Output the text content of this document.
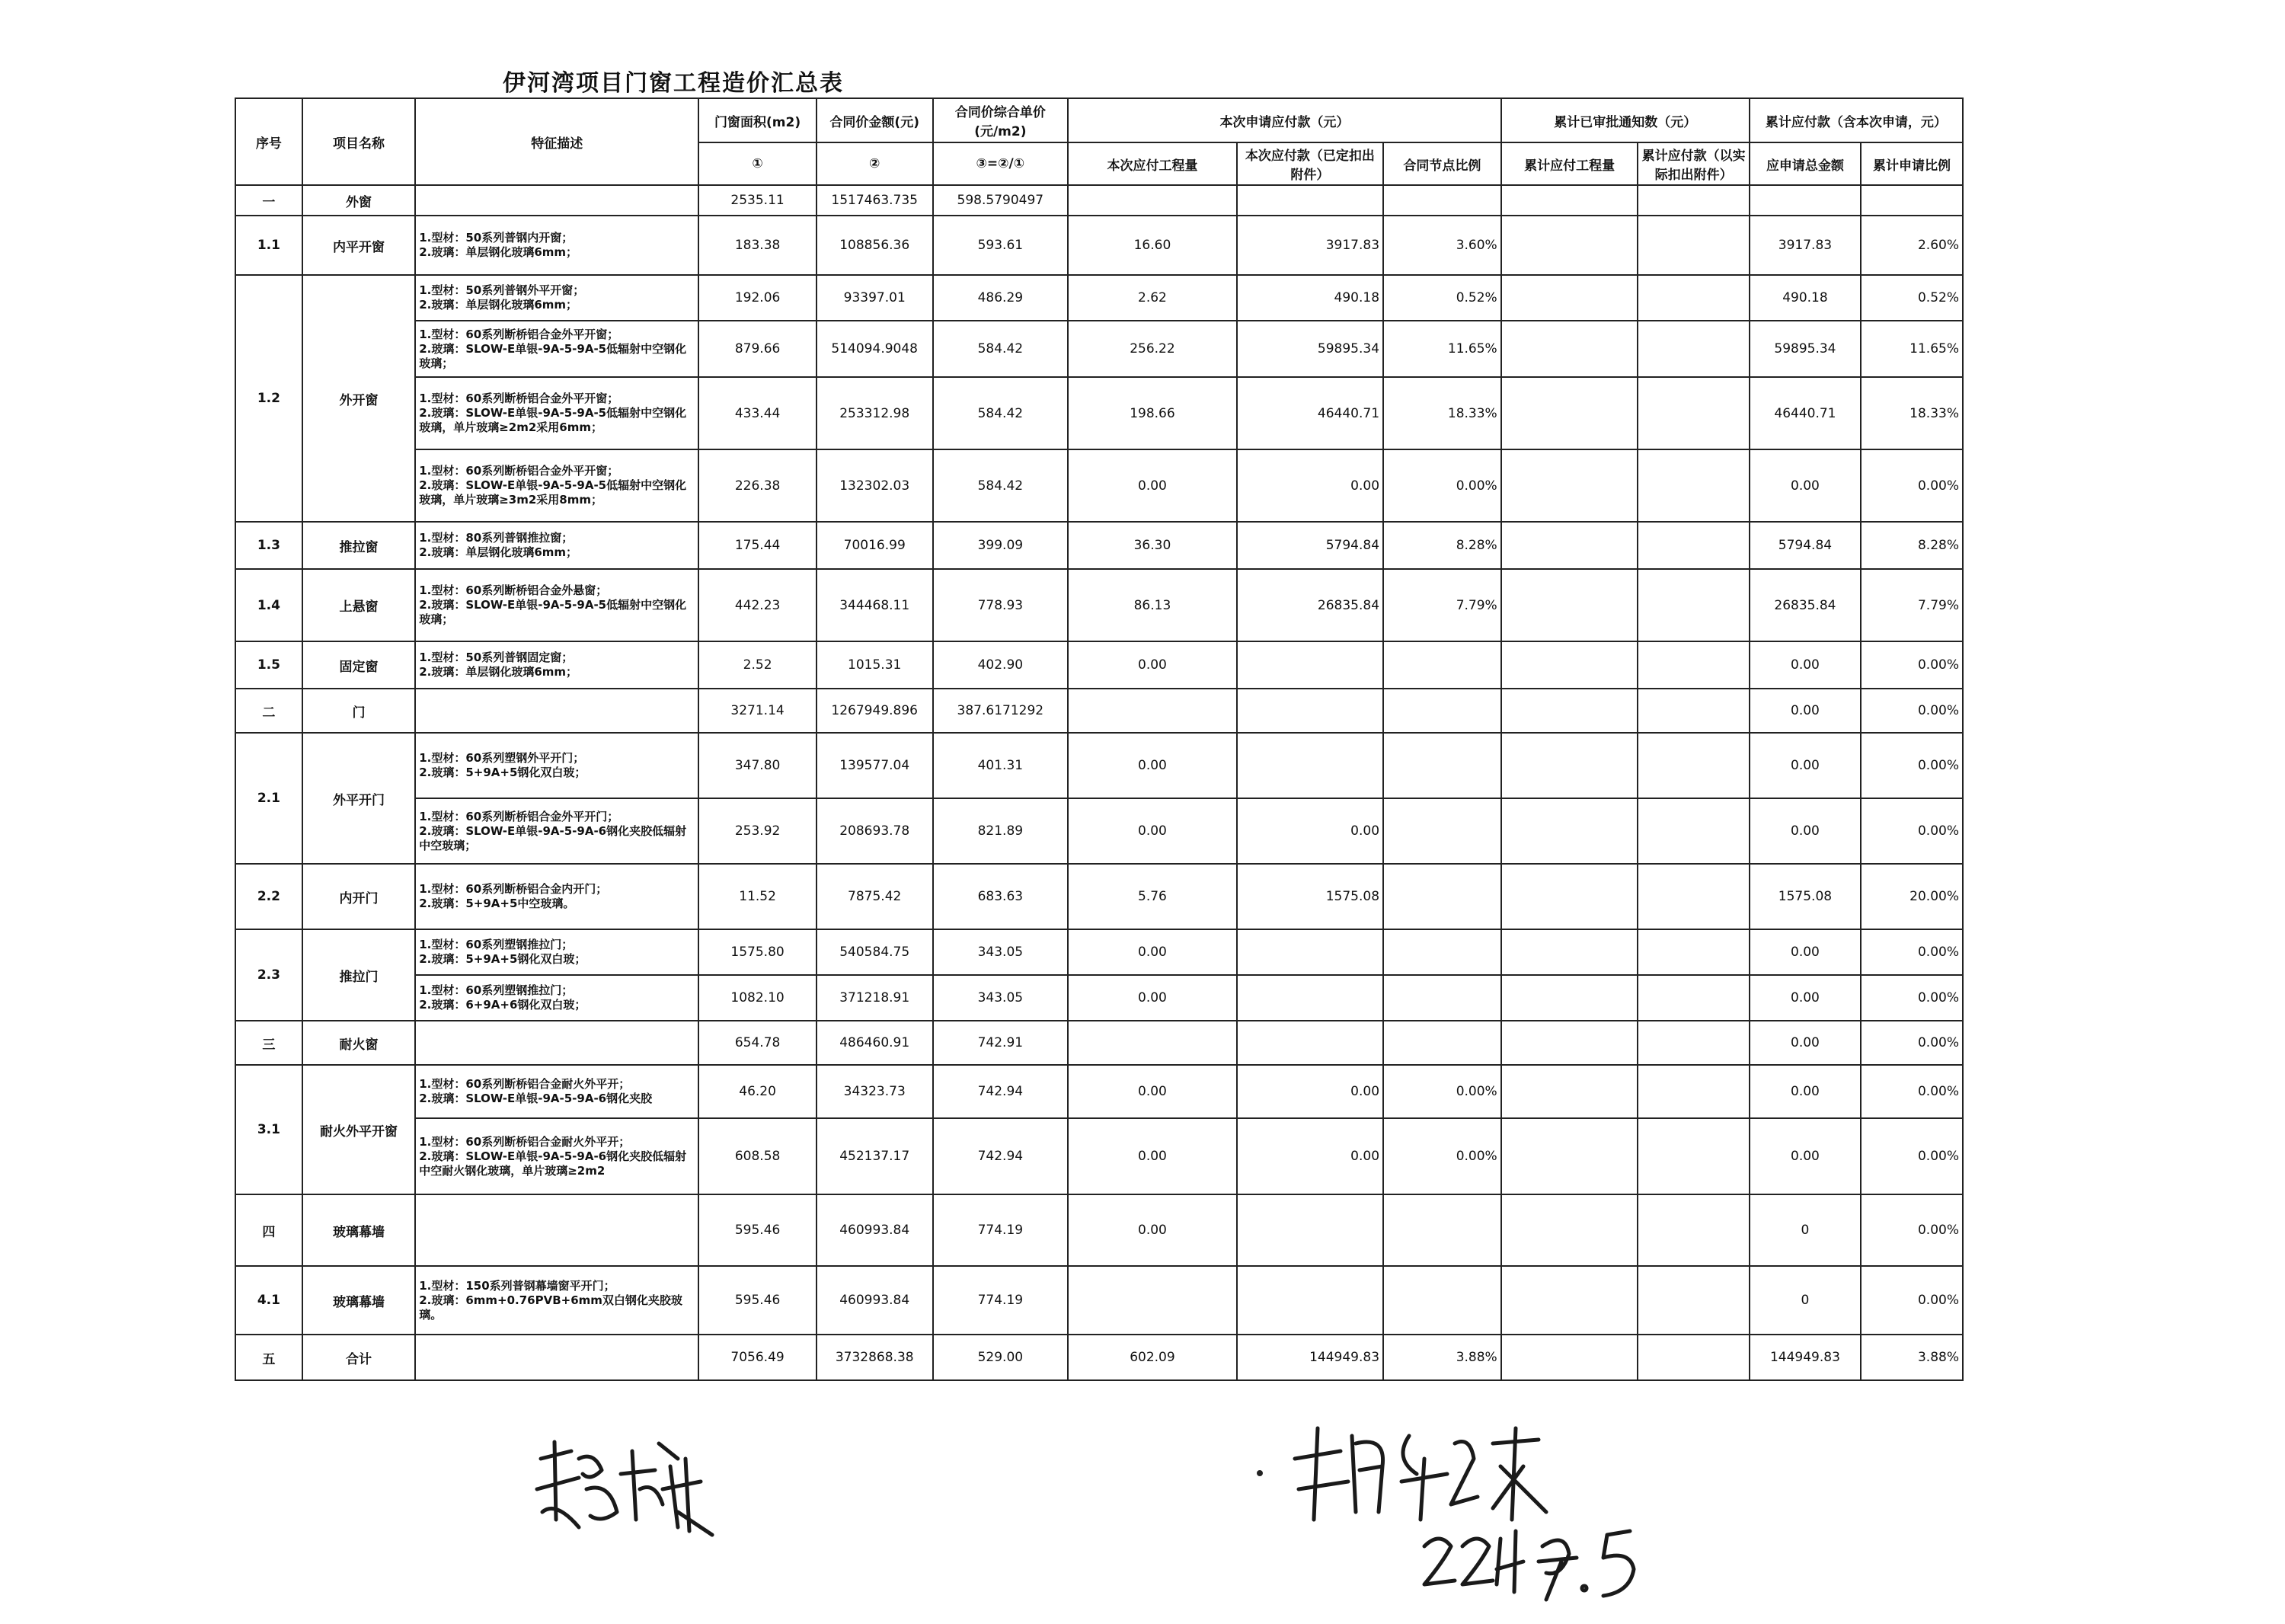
伊河湾项目门窗工程造价汇总表
序号	项目名称	特征描述	门窗面积(m2)	合同价金额(元)	合同价综合单价(元/m2)	本次申请应付款（元）			累计已审批通知数（元）		累计应付款（含本次申请，元）	
			①	②	③=②/①	本次应付工程量	本次应付款（已定扣出附件）	合同节点比例	累计应付工程量	累计应付款（以实际扣出附件）	应申请总金额	累计申请比例
一	外窗		2535.11	1517463.735	598.5790497							
1.1	内平开窗	1.型材：50系列普钢内开窗；
2.玻璃：单层钢化玻璃6mm；	183.38	108856.36	593.61	16.60	3917.83	3.60%			3917.83	2.60%
1.2	外开窗	1.型材：50系列普钢外平开窗；
2.玻璃：单层钢化玻璃6mm；	192.06	93397.01	486.29	2.62	490.18	0.52%			490.18	0.52%
		1.型材：60系列断桥铝合金外平开窗；
2.玻璃：SLOW-E单银-9A-5-9A-5低辐射中空钢化玻璃；	879.66	514094.9048	584.42	256.22	59895.34	11.65%			59895.34	11.65%
		1.型材：60系列断桥铝合金外平开窗；
2.玻璃：SLOW-E单银-9A-5-9A-5低辐射中空钢化玻璃，单片玻璃≥2m2采用6mm；	433.44	253312.98	584.42	198.66	46440.71	18.33%			46440.71	18.33%
		1.型材：60系列断桥铝合金外平开窗；
2.玻璃：SLOW-E单银-9A-5-9A-5低辐射中空钢化玻璃，单片玻璃≥3m2采用8mm；	226.38	132302.03	584.42	0.00	0.00	0.00%			0.00	0.00%
1.3	推拉窗	1.型材：80系列普钢推拉窗；
2.玻璃：单层钢化玻璃6mm；	175.44	70016.99	399.09	36.30	5794.84	8.28%			5794.84	8.28%
1.4	上悬窗	1.型材：60系列断桥铝合金外悬窗；
2.玻璃：SLOW-E单银-9A-5-9A-5低辐射中空钢化玻璃；	442.23	344468.11	778.93	86.13	26835.84	7.79%			26835.84	7.79%
1.5	固定窗	1.型材：50系列普钢固定窗；
2.玻璃：单层钢化玻璃6mm；	2.52	1015.31	402.90	0.00					0.00	0.00%
二	门		3271.14	1267949.896	387.6171292						0.00	0.00%
2.1	外平开门	1.型材：60系列塑钢外平开门；
2.玻璃：5+9A+5钢化双白玻；	347.80	139577.04	401.31	0.00					0.00	0.00%
		1.型材：60系列断桥铝合金外平开门；
2.玻璃：SLOW-E单银-9A-5-9A-6钢化夹胶低辐射中空玻璃；	253.92	208693.78	821.89	0.00	0.00				0.00	0.00%
2.2	内开门	1.型材：60系列断桥铝合金内开门；
2.玻璃：5+9A+5中空玻璃。	11.52	7875.42	683.63	5.76	1575.08				1575.08	20.00%
2.3	推拉门	1.型材：60系列塑钢推拉门；
2.玻璃：5+9A+5钢化双白玻；	1575.80	540584.75	343.05	0.00					0.00	0.00%
		1.型材：60系列塑钢推拉门；
2.玻璃：6+9A+6钢化双白玻；	1082.10	371218.91	343.05	0.00					0.00	0.00%
三	耐火窗		654.78	486460.91	742.91						0.00	0.00%
3.1	耐火外平开窗	1.型材：60系列断桥铝合金耐火外平开；
2.玻璃：SLOW-E单银-9A-5-9A-6钢化夹胶	46.20	34323.73	742.94	0.00	0.00	0.00%			0.00	0.00%
		1.型材：60系列断桥铝合金耐火外平开；
2.玻璃：SLOW-E单银-9A-5-9A-6钢化夹胶低辐射中空耐火钢化玻璃，单片玻璃≥2m2	608.58	452137.17	742.94	0.00	0.00	0.00%			0.00	0.00%
四	玻璃幕墙		595.46	460993.84	774.19	0.00					0	0.00%
4.1	玻璃幕墙	1.型材：150系列普钢幕墙窗平开门；
2.玻璃：6mm+0.76PVB+6mm双白钢化夹胶玻璃。	595.46	460993.84	774.19						0	0.00%
五	合计		7056.49	3732868.38	529.00	602.09	144949.83	3.88%			144949.83	3.88%
